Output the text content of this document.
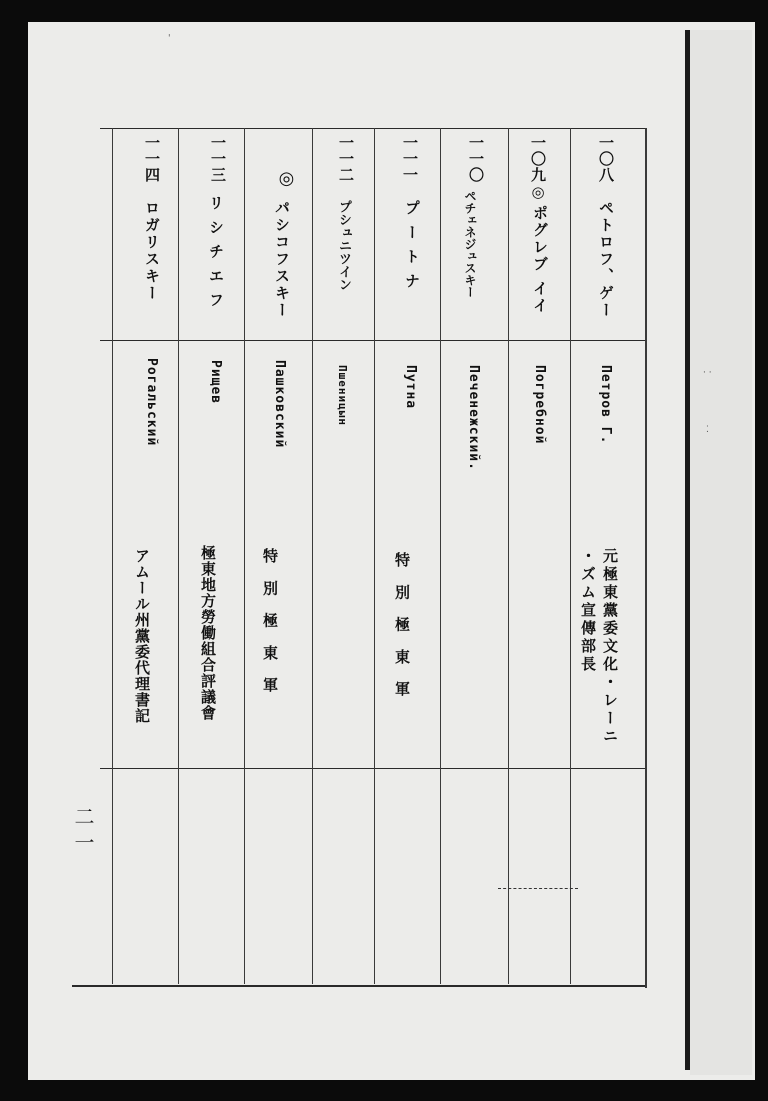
· ·
⁚
'
一〇八
ペトロフ、ゲー
Петров Г.
元極東黨委文化・レーニ
・ズム宣傳部長
一〇九◎
ポグレブ イイ
Погребной
一一〇
ペチェネジュスキー
Печенежский.
一一一
プ ー ト ナ
Путна
特 別 極 東 軍
一一二
プシュニツイン
Пшеницын
◎
パシコフスキー
Пашковский
特 別 極 東 軍
一一三
リ シ チ エ フ
Рищев
極東地方勞働組合評議會
一一四
ロガリスキー
Рогальский
アムール州黨委代理書記
二一
